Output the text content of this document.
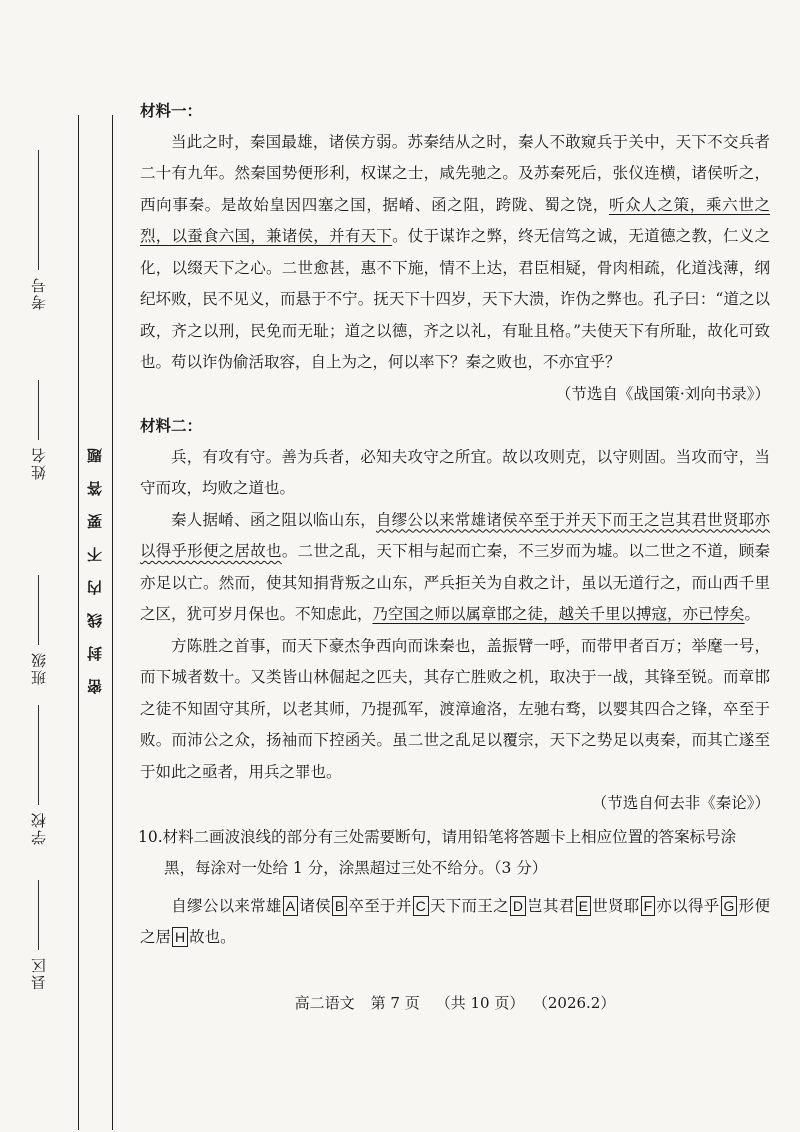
考号
姓名
班级
学校
县区
密封线内不要答题

材料一：

当此之时，秦国最雄，诸侯方弱。苏秦结从之时，秦人不敢窥兵于关中，天下不交兵者二十有九年。然秦国势便形利，权谋之士，咸先驰之。及苏秦死后，张仪连横，诸侯听之，西向事秦。是故始皇因四塞之国，据崤、函之阻，跨陇、蜀之饶，听众人之策，乘六世之烈，以蚕食六国，兼诸侯，并有天下。仗于谋诈之弊，终无信笃之诚，无道德之教，仁义之化，以缀天下之心。二世愈甚，惠不下施，情不上达，君臣相疑，骨肉相疏，化道浅薄，纲纪坏败，民不见义，而悬于不宁。抚天下十四岁，天下大溃，诈伪之弊也。孔子曰：“道之以政，齐之以刑，民免而无耻；道之以德，齐之以礼，有耻且格。”夫使天下有所耻，故化可致也。苟以诈伪偷活取容，自上为之，何以率下？秦之败也，不亦宜乎？

（节选自《战国策·刘向书录》）

材料二：

兵，有攻有守。善为兵者，必知夫攻守之所宜。故以攻则克，以守则固。当攻而守，当守而攻，均败之道也。

秦人据崤、函之阻以临山东，自缪公以来常雄诸侯卒至于并天下而王之岂其君世贤耶亦以得乎形便之居故也。二世之乱，天下相与起而亡秦，不三岁而为墟。以二世之不道，顾秦亦足以亡。然而，使其知捐背叛之山东，严兵拒关为自救之计，虽以无道行之，而山西千里之区，犹可岁月保也。不知虑此，乃空国之师以属章邯之徒，越关千里以搏寇，亦已悖矣。

方陈胜之首事，而天下豪杰争西向而诛秦也，盖振臂一呼，而带甲者百万；举麾一号，而下城者数十。又类皆山林倔起之匹夫，其存亡胜败之机，取决于一战，其锋至锐。而章邯之徒不知固守其所，以老其师，乃提孤军，渡漳逾洛，左驰右骛，以婴其四合之锋，卒至于败。而沛公之众，扬袖而下控函关。虽二世之乱足以覆宗，天下之势足以夷秦，而其亡遂至于如此之亟者，用兵之罪也。

（节选自何去非《秦论》）

10.材料二画波浪线的部分有三处需要断句，请用铅笔将答题卡上相应位置的答案标号涂
黑，每涂对一处给 1 分，涂黑超过三处不给分。（3 分）

自缪公以来常雄 A 诸侯 B 卒至于并 C 天下而王之 D 岂其君 E 世贤耶 F 亦以得乎 G 形便之居 H 故也。

高二语文 第 7 页 （共 10 页） （2026.2）
